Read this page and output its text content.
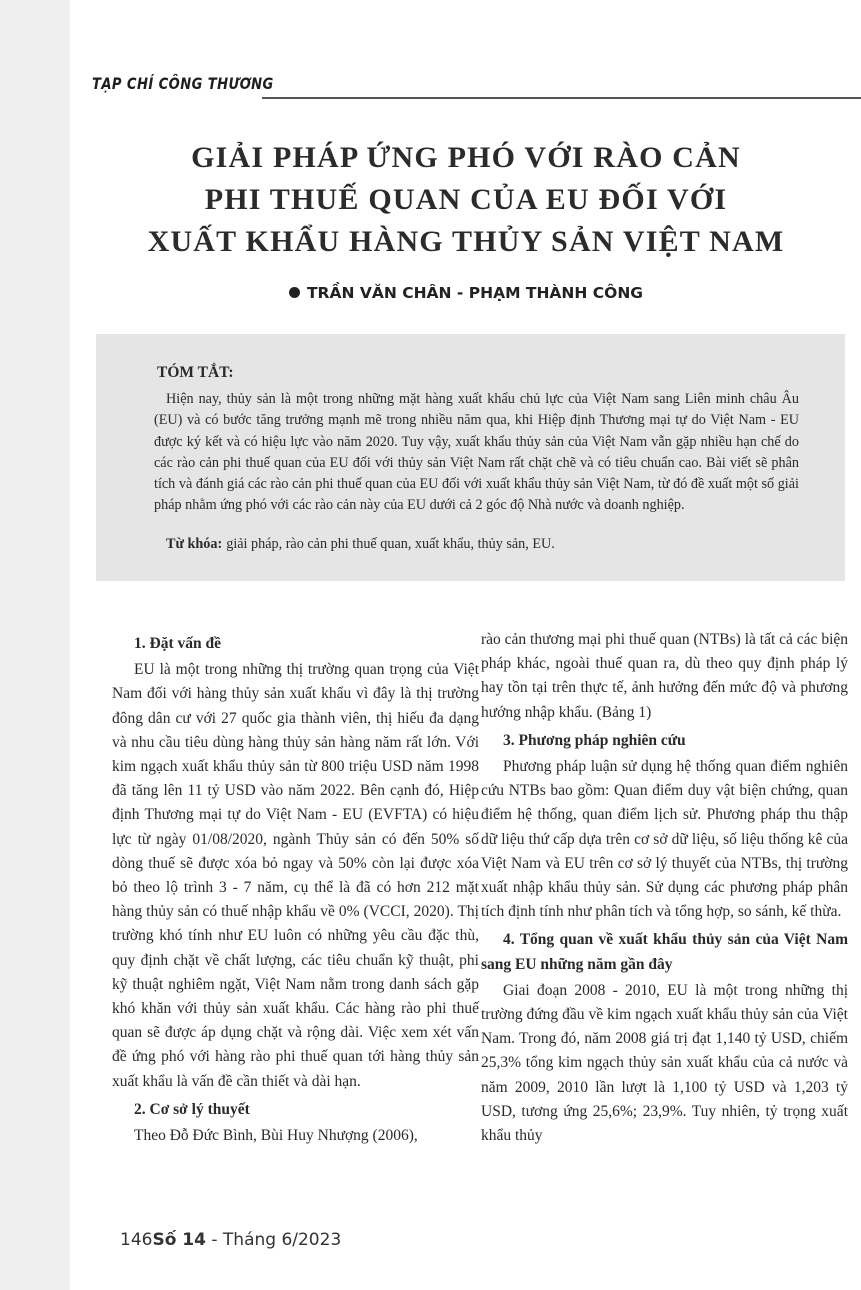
TẠP CHÍ CÔNG THƯƠNG
GIẢI PHÁP ỨNG PHÓ VỚI RÀO CẢN
PHI THUẾ QUAN CỦA EU ĐỐI VỚI
XUẤT KHẨU HÀNG THỦY SẢN VIỆT NAM
TRẦN VĂN CHÂN - PHẠM THÀNH CÔNG
TÓM TẮT:

Hiện nay, thủy sản là một trong những mặt hàng xuất khẩu chủ lực của Việt Nam sang Liên minh châu Âu (EU) và có bước tăng trưởng mạnh mẽ trong nhiều năm qua, khi Hiệp định Thương mại tự do Việt Nam - EU được ký kết và có hiệu lực vào năm 2020. Tuy vậy, xuất khẩu thủy sản của Việt Nam vẫn gặp nhiều hạn chế do các rào cản phi thuế quan của EU đối với thủy sản Việt Nam rất chặt chẽ và có tiêu chuẩn cao. Bài viết sẽ phân tích và đánh giá các rào cản phi thuế quan của EU đối với xuất khẩu thủy sản Việt Nam, từ đó đề xuất một số giải pháp nhằm ứng phó với các rào cản này của EU dưới cả 2 góc độ Nhà nước và doanh nghiệp.

Từ khóa: giải pháp, rào cản phi thuế quan, xuất khẩu, thủy sản, EU.
1. Đặt vấn đề

EU là một trong những thị trường quan trọng của Việt Nam đối với hàng thủy sản xuất khẩu vì đây là thị trường đông dân cư với 27 quốc gia thành viên, thị hiếu đa dạng và nhu cầu tiêu dùng hàng thủy sản hàng năm rất lớn. Với kim ngạch xuất khẩu thủy sản từ 800 triệu USD năm 1998 đã tăng lên 11 tỷ USD vào năm 2022. Bên cạnh đó, Hiệp định Thương mại tự do Việt Nam - EU (EVFTA) có hiệu lực từ ngày 01/08/2020, ngành Thủy sản có đến 50% số dòng thuế sẽ được xóa bỏ ngay và 50% còn lại được xóa bỏ theo lộ trình 3 - 7 năm, cụ thể là đã có hơn 212 mặt hàng thủy sản có thuế nhập khẩu về 0% (VCCI, 2020). Thị trường khó tính như EU luôn có những yêu cầu đặc thù, quy định chặt về chất lượng, các tiêu chuẩn kỹ thuật, phi kỹ thuật nghiêm ngặt, Việt Nam nằm trong danh sách gặp khó khăn với thủy sản xuất khẩu. Các hàng rào phi thuế quan sẽ được áp dụng chặt và rộng dài. Việc xem xét vấn đề ứng phó với hàng rào phi thuế quan tới hàng thủy sản xuất khẩu là vấn đề cần thiết và dài hạn.

2. Cơ sở lý thuyết

Theo Đỗ Đức Bình, Bùi Huy Nhượng (2006),

rào cản thương mại phi thuế quan (NTBs) là tất cả các biện pháp khác, ngoài thuế quan ra, dù theo quy định pháp lý hay tồn tại trên thực tế, ảnh hưởng đến mức độ và phương hướng nhập khẩu. (Bảng 1)

3. Phương pháp nghiên cứu

Phương pháp luận sử dụng hệ thống quan điểm nghiên cứu NTBs bao gồm: Quan điểm duy vật biện chứng, quan điểm hệ thống, quan điểm lịch sử. Phương pháp thu thập dữ liệu thứ cấp dựa trên cơ sở dữ liệu, số liệu thống kê của Việt Nam và EU trên cơ sở lý thuyết của NTBs, thị trường xuất nhập khẩu thủy sản. Sử dụng các phương pháp phân tích định tính như phân tích và tổng hợp, so sánh, kế thừa.

4. Tổng quan về xuất khẩu thủy sản của Việt Nam sang EU những năm gần đây

Giai đoạn 2008 - 2010, EU là một trong những thị trường đứng đầu về kim ngạch xuất khẩu thủy sản của Việt Nam. Trong đó, năm 2008 giá trị đạt 1,140 tỷ USD, chiếm 25,3% tổng kim ngạch thủy sản xuất khẩu của cả nước và năm 2009, 2010 lần lượt là 1,100 tỷ USD và 1,203 tỷ USD, tương ứng 25,6%; 23,9%. Tuy nhiên, tỷ trọng xuất khẩu thủy

146Số 14 - Tháng 6/2023
